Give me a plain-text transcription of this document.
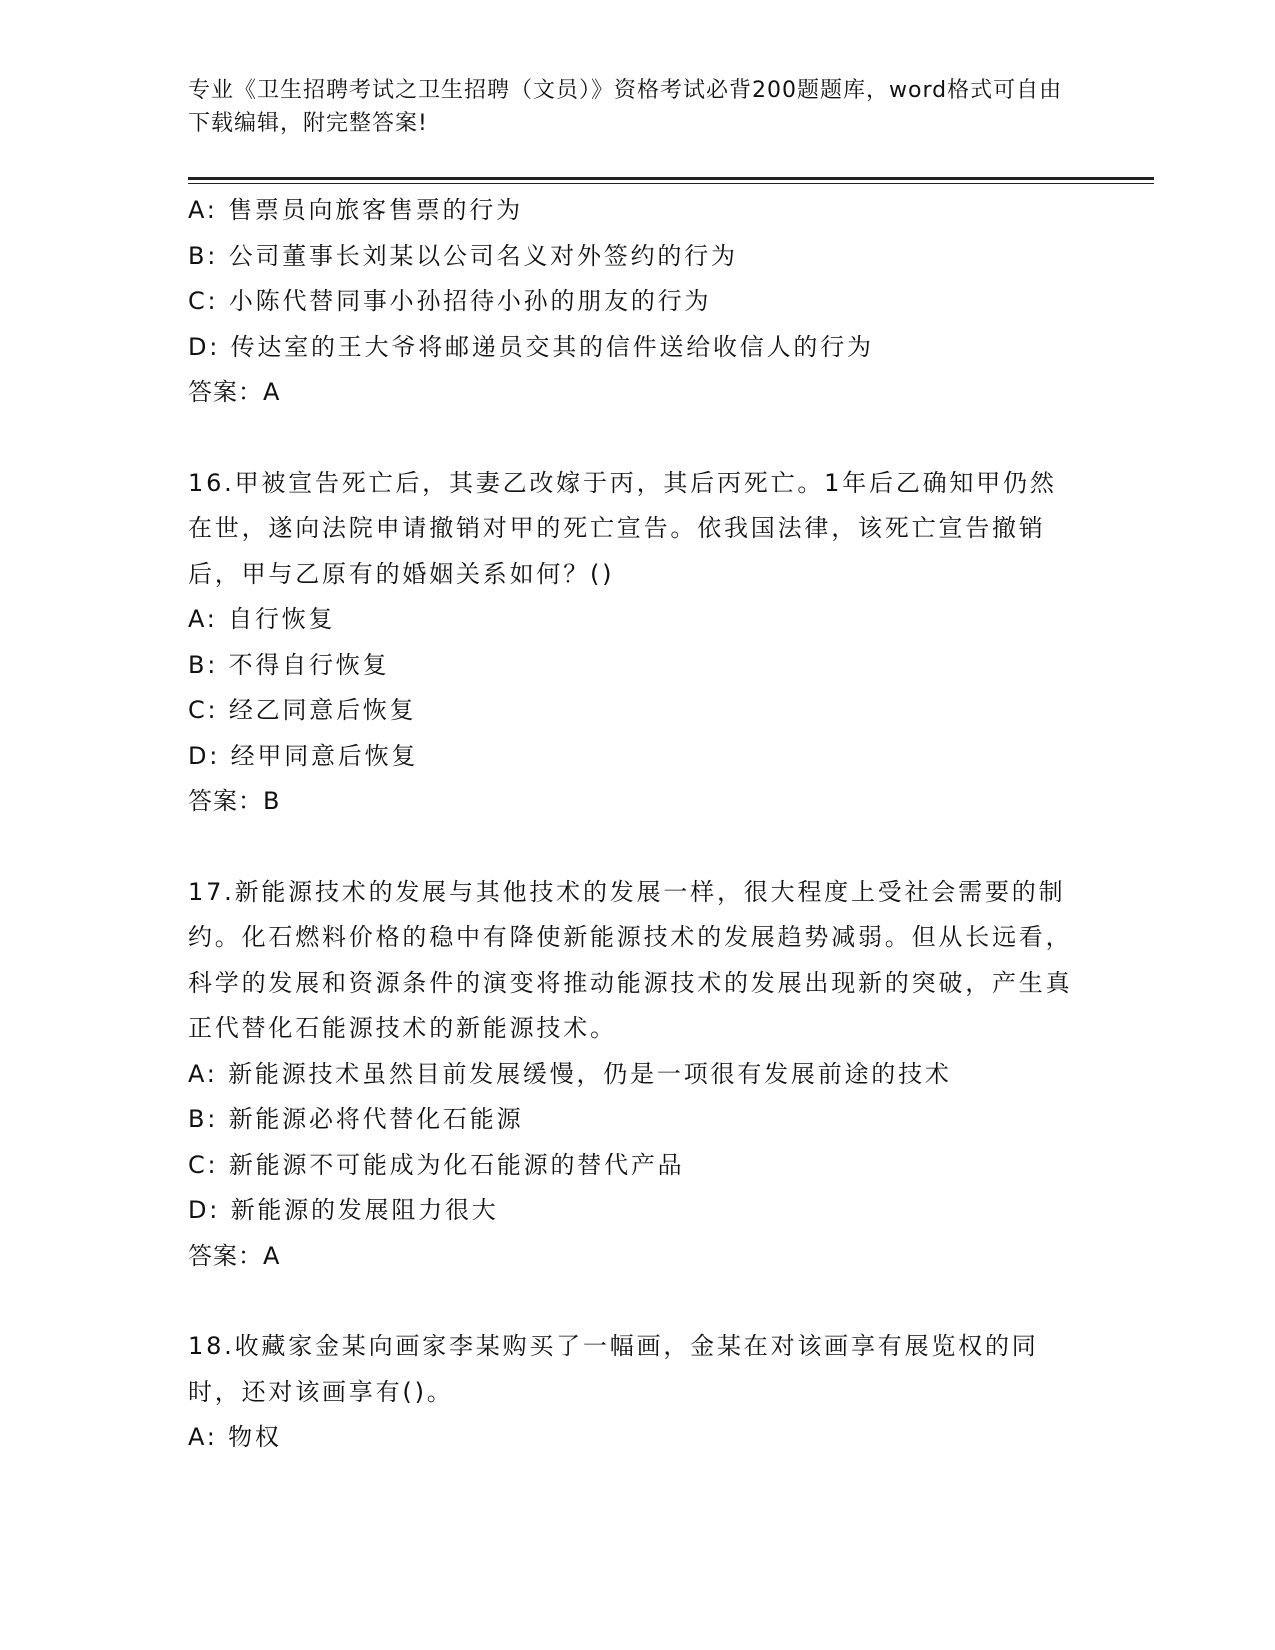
专业《卫生招聘考试之卫生招聘（文员）》资格考试必背200题题库，word格式可自由下载编辑，附完整答案!
A: 售票员向旅客售票的行为
B: 公司董事长刘某以公司名义对外签约的行为
C: 小陈代替同事小孙招待小孙的朋友的行为
D: 传达室的王大爷将邮递员交其的信件送给收信人的行为
答案：A
16.甲被宣告死亡后，其妻乙改嫁于丙，其后丙死亡。1年后乙确知甲仍然在世，遂向法院申请撤销对甲的死亡宣告。依我国法律，该死亡宣告撤销后，甲与乙原有的婚姻关系如何？()
A: 自行恢复
B: 不得自行恢复
C: 经乙同意后恢复
D: 经甲同意后恢复
答案：B
17.新能源技术的发展与其他技术的发展一样，很大程度上受社会需要的制约。化石燃料价格的稳中有降使新能源技术的发展趋势减弱。但从长远看，科学的发展和资源条件的演变将推动能源技术的发展出现新的突破，产生真正代替化石能源技术的新能源技术。
A: 新能源技术虽然目前发展缓慢，仍是一项很有发展前途的技术
B: 新能源必将代替化石能源
C: 新能源不可能成为化石能源的替代产品
D: 新能源的发展阻力很大
答案：A
18.收藏家金某向画家李某购买了一幅画，金某在对该画享有展览权的同时，还对该画享有()。
A: 物权
